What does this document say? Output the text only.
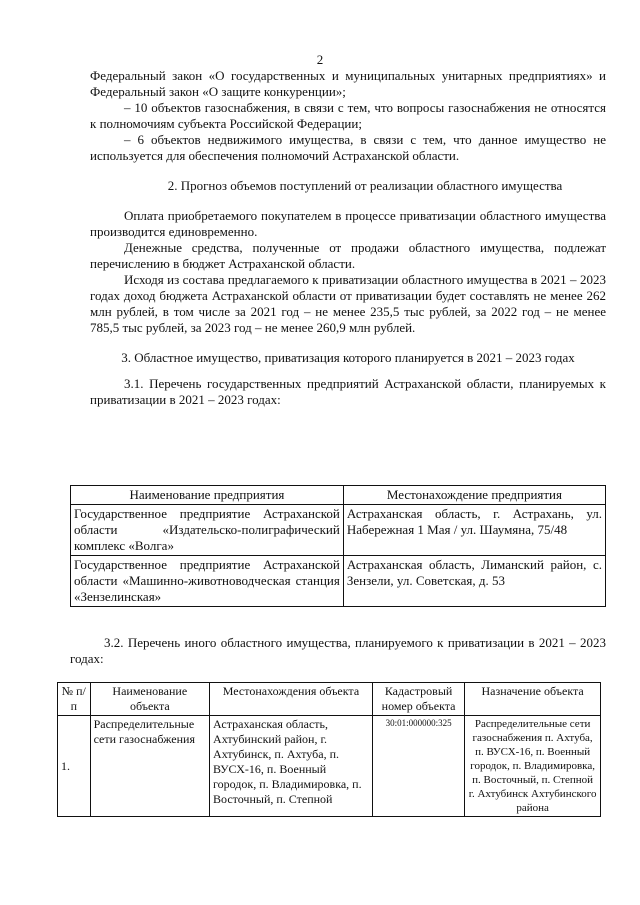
2

Федеральный закон «О государственных и муниципальных унитарных предприятиях» и Федеральный закон «О защите конкуренции»;

– 10 объектов газоснабжения, в связи с тем, что вопросы газоснабжения не относятся к полномочиям субъекта Российской Федерации;

– 6 объектов недвижимого имущества, в связи с тем, что данное имущество не используется для обеспечения полномочий Астраханской области.

2. Прогноз объемов поступлений от реализации областного имущества

Оплата приобретаемого покупателем в процессе приватизации областного имущества производится единовременно.

Денежные средства, полученные от продажи областного имущества, подлежат перечислению в бюджет Астраханской области.

Исходя из состава предлагаемого к приватизации областного имущества в 2021 – 2023 годах доход бюджета Астраханской области от приватизации будет составлять не менее 262 млн рублей, в том числе за 2021 год – не менее 235,5 тыс рублей, за 2022 год – не менее 785,5 тыс рублей, за 2023 год – не менее 260,9 млн рублей.

3. Областное имущество, приватизация которого планируется в 2021 – 2023 годах

3.1. Перечень государственных предприятий Астраханской области, планируемых к приватизации в 2021 – 2023 годах:

Наименование предприятия	Местонахождение предприятия
Государственное предприятие Астраханской области «Издательско-полиграфический комплекс «Волга»	Астраханская область, г. Астрахань, ул. Набережная 1 Мая / ул. Шаумяна, 75/48
Государственное предприятие Астраханской области «Машинно-животноводческая станция «Зензелинская»	Астраханская область, Лиманский район, с. Зензели, ул. Советская, д. 53

3.2. Перечень иного областного имущества, планируемого к приватизации в 2021 – 2023 годах:

№ п/п	Наименование объекта	Местонахождения объекта	Кадастровый номер объекта	Назначение объекта
1.	Распределительные сети газоснабжения	Астраханская область, Ахтубинский район, г. Ахтубинск, п. Ахтуба, п. ВУСХ-16, п. Военный городок, п. Владимировка, п. Восточный, п. Степной	30:01:000000:325	Распределительные сети газоснабжения п. Ахтуба, п. ВУСХ-16, п. Военный городок, п. Владимировка, п. Восточный, п. Степной г. Ахтубинск Ахтубинского района
